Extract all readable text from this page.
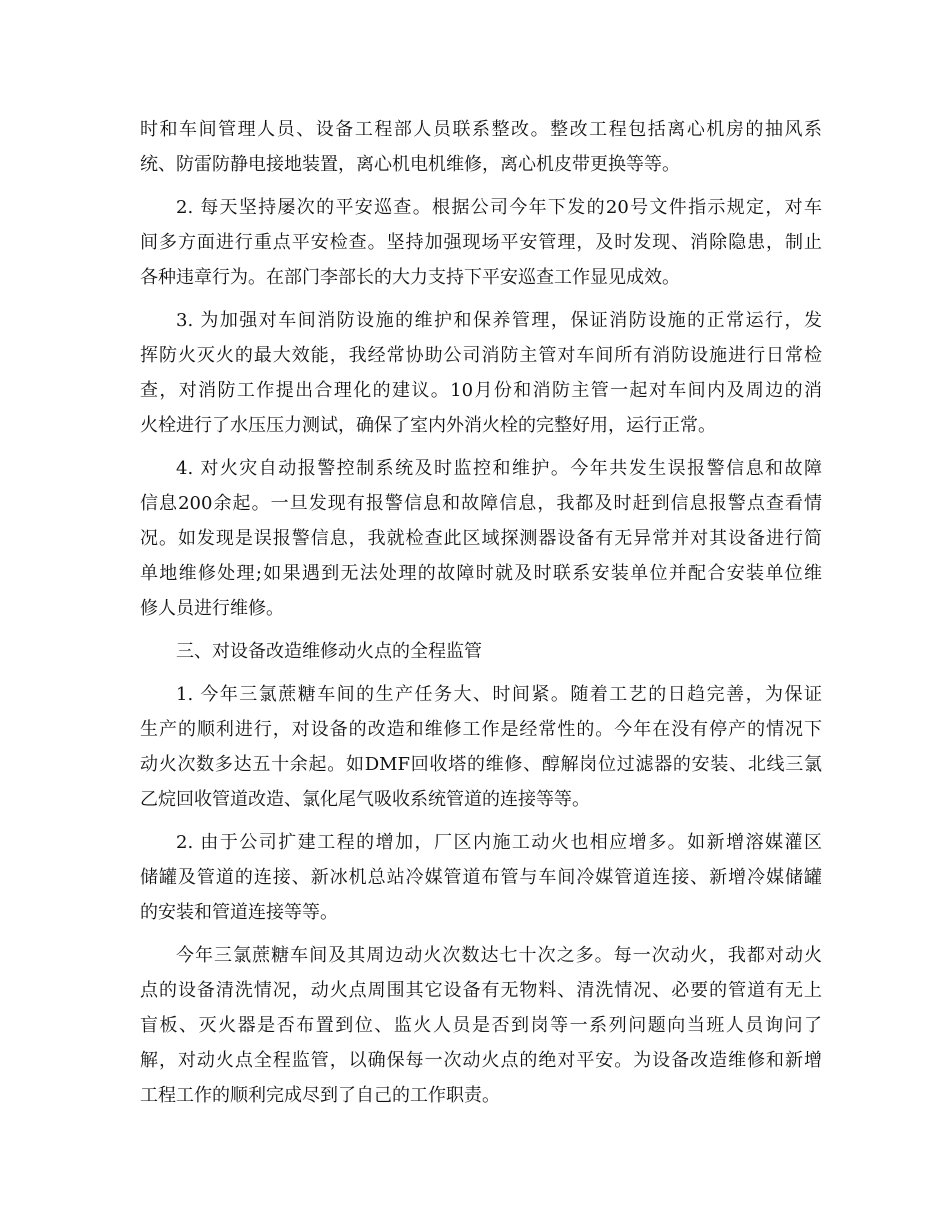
时和车间管理人员、设备工程部人员联系整改。整改工程包括离心机房的抽风系
统、防雷防静电接地装置，离心机电机维修，离心机皮带更换等等。
2. 每天坚持屡次的平安巡查。根据公司今年下发的20号文件指示规定，对车
间多方面进行重点平安检查。坚持加强现场平安管理，及时发现、消除隐患，制止
各种违章行为。在部门李部长的大力支持下平安巡查工作显见成效。
3. 为加强对车间消防设施的维护和保养管理，保证消防设施的正常运行，发
挥防火灭火的最大效能，我经常协助公司消防主管对车间所有消防设施进行日常检
查，对消防工作提出合理化的建议。10月份和消防主管一起对车间内及周边的消
火栓进行了水压压力测试，确保了室内外消火栓的完整好用，运行正常。
4. 对火灾自动报警控制系统及时监控和维护。今年共发生误报警信息和故障
信息200余起。一旦发现有报警信息和故障信息，我都及时赶到信息报警点查看情
况。如发现是误报警信息，我就检查此区域探测器设备有无异常并对其设备进行简
单地维修处理;如果遇到无法处理的故障时就及时联系安装单位并配合安装单位维
修人员进行维修。
三、对设备改造维修动火点的全程监管
1. 今年三氯蔗糖车间的生产任务大、时间紧。随着工艺的日趋完善，为保证
生产的顺利进行，对设备的改造和维修工作是经常性的。今年在没有停产的情况下
动火次数多达五十余起。如DMF回收塔的维修、醇解岗位过滤器的安装、北线三氯
乙烷回收管道改造、氯化尾气吸收系统管道的连接等等。
2. 由于公司扩建工程的增加，厂区内施工动火也相应增多。如新增溶媒灌区
储罐及管道的连接、新冰机总站冷媒管道布管与车间冷媒管道连接、新增冷媒储罐
的安装和管道连接等等。
今年三氯蔗糖车间及其周边动火次数达七十次之多。每一次动火，我都对动火
点的设备清洗情况，动火点周围其它设备有无物料、清洗情况、必要的管道有无上
盲板、灭火器是否布置到位、监火人员是否到岗等一系列问题向当班人员询问了
解，对动火点全程监管，以确保每一次动火点的绝对平安。为设备改造维修和新增
工程工作的顺利完成尽到了自己的工作职责。
